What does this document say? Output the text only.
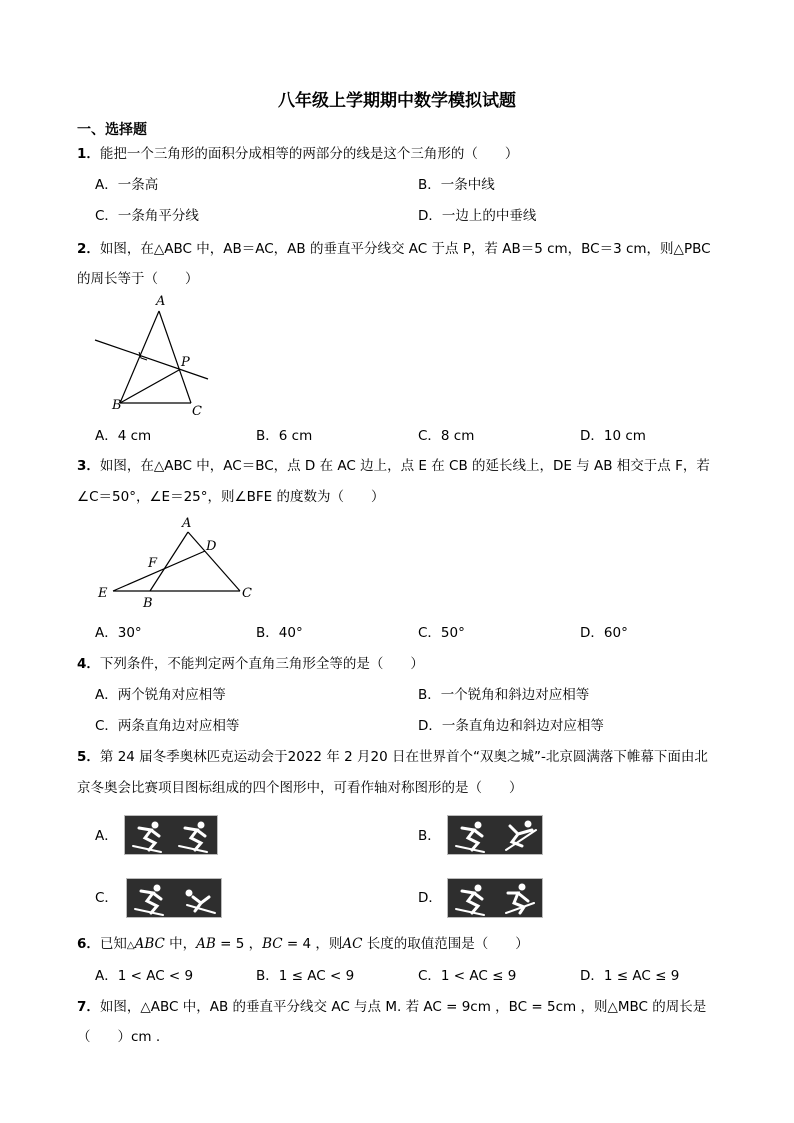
八年级上学期期中数学模拟试题
一、选择题
1．能把一个三角形的面积分成相等的两部分的线是这个三角形的（　　）
A．一条高	B．一条中线
C．一条角平分线	D．一边上的中垂线
2．如图，在△ABC 中，AB＝AC，AB 的垂直平分线交 AC 于点 P，若 AB＝5 cm，BC＝3 cm，则△PBC
的周长等于（　　）
A
B	C
P
A．4 cm	B．6 cm	C．8 cm	D．10 cm
3．如图，在△ABC 中，AC＝BC，点 D 在 AC 边上，点 E 在 CB 的延长线上，DE 与 AB 相交于点 F，若
∠C＝50°，∠E＝25°，则∠BFE 的度数为（　　）
A
D
F
E
B
C
A．30°	B．40°	C．50°	D．60°
4．下列条件，不能判定两个直角三角形全等的是（　　）
A．两个锐角对应相等	B．一个锐角和斜边对应相等
C．两条直角边对应相等	D．一条直角边和斜边对应相等
5．第 24 届冬季奥林匹克运动会于2022 年 2 月20 日在世界首个“双奥之城”-北京圆满落下帷幕下面由北
京冬奥会比赛项目图标组成的四个图形中，可看作轴对称图形的是（　　）
A．	B．
C．	D．
6．已知△ABC 中，AB = 5 ，BC = 4 ，则AC 长度的取值范围是（　　）
A．1 < AC < 9	B．1 ≤ AC < 9	C．1 < AC ≤ 9	D．1 ≤ AC ≤ 9
7．如图，△ABC 中，AB 的垂直平分线交 AC 与点 M. 若 AC = 9cm ，BC = 5cm ，则△MBC 的周长是
（　　）cm .
